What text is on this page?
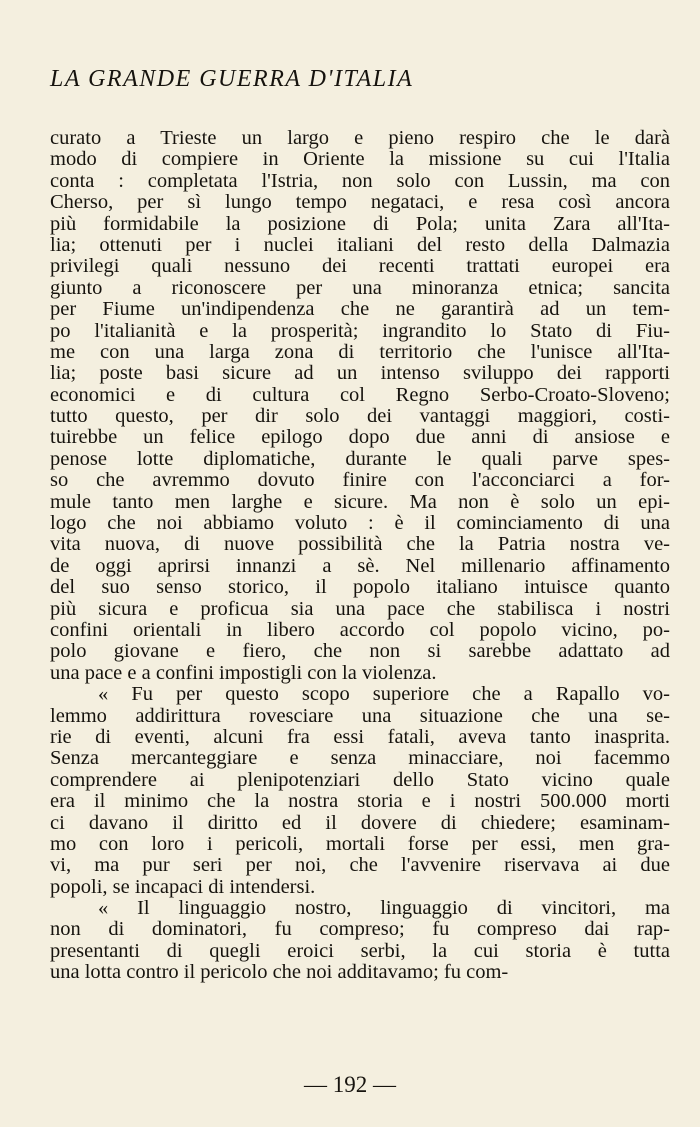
LA GRANDE GUERRA D'ITALIA
curato a Trieste un largo e pieno respiro che le darà
modo di compiere in Oriente la missione su cui l'Italia
conta : completata l'Istria, non solo con Lussin, ma con
Cherso, per sì lungo tempo negataci, e resa così ancora
più formidabile la posizione di Pola; unita Zara all'Ita-
lia; ottenuti per i nuclei italiani del resto della Dalmazia
privilegi quali nessuno dei recenti trattati europei era
giunto a riconoscere per una minoranza etnica; sancita
per Fiume un'indipendenza che ne garantirà ad un tem-
po l'italianità e la prosperità; ingrandito lo Stato di Fiu-
me con una larga zona di territorio che l'unisce all'Ita-
lia; poste basi sicure ad un intenso sviluppo dei rapporti
economici e di cultura col Regno Serbo-Croato-Sloveno;
tutto questo, per dir solo dei vantaggi maggiori, costi-
tuirebbe un felice epilogo dopo due anni di ansiose e
penose lotte diplomatiche, durante le quali parve spes-
so che avremmo dovuto finire con l'acconciarci a for-
mule tanto men larghe e sicure. Ma non è solo un epi-
logo che noi abbiamo voluto : è il cominciamento di una
vita nuova, di nuove possibilità che la Patria nostra ve-
de oggi aprirsi innanzi a sè. Nel millenario affinamento
del suo senso storico, il popolo italiano intuisce quanto
più sicura e proficua sia una pace che stabilisca i nostri
confini orientali in libero accordo col popolo vicino, po-
polo giovane e fiero, che non si sarebbe adattato ad
una pace e a confini impostigli con la violenza.
« Fu per questo scopo superiore che a Rapallo vo-
lemmo addirittura rovesciare una situazione che una se-
rie di eventi, alcuni fra essi fatali, aveva tanto inasprita.
Senza mercanteggiare e senza minacciare, noi facemmo
comprendere ai plenipotenziari dello Stato vicino quale
era il minimo che la nostra storia e i nostri 500.000 morti
ci davano il diritto ed il dovere di chiedere; esaminam-
mo con loro i pericoli, mortali forse per essi, men gra-
vi, ma pur seri per noi, che l'avvenire riservava ai due
popoli, se incapaci di intendersi.
« Il linguaggio nostro, linguaggio di vincitori, ma
non di dominatori, fu compreso; fu compreso dai rap-
presentanti di quegli eroici serbi, la cui storia è tutta
una lotta contro il pericolo che noi additavamo; fu com-
— 192 —
